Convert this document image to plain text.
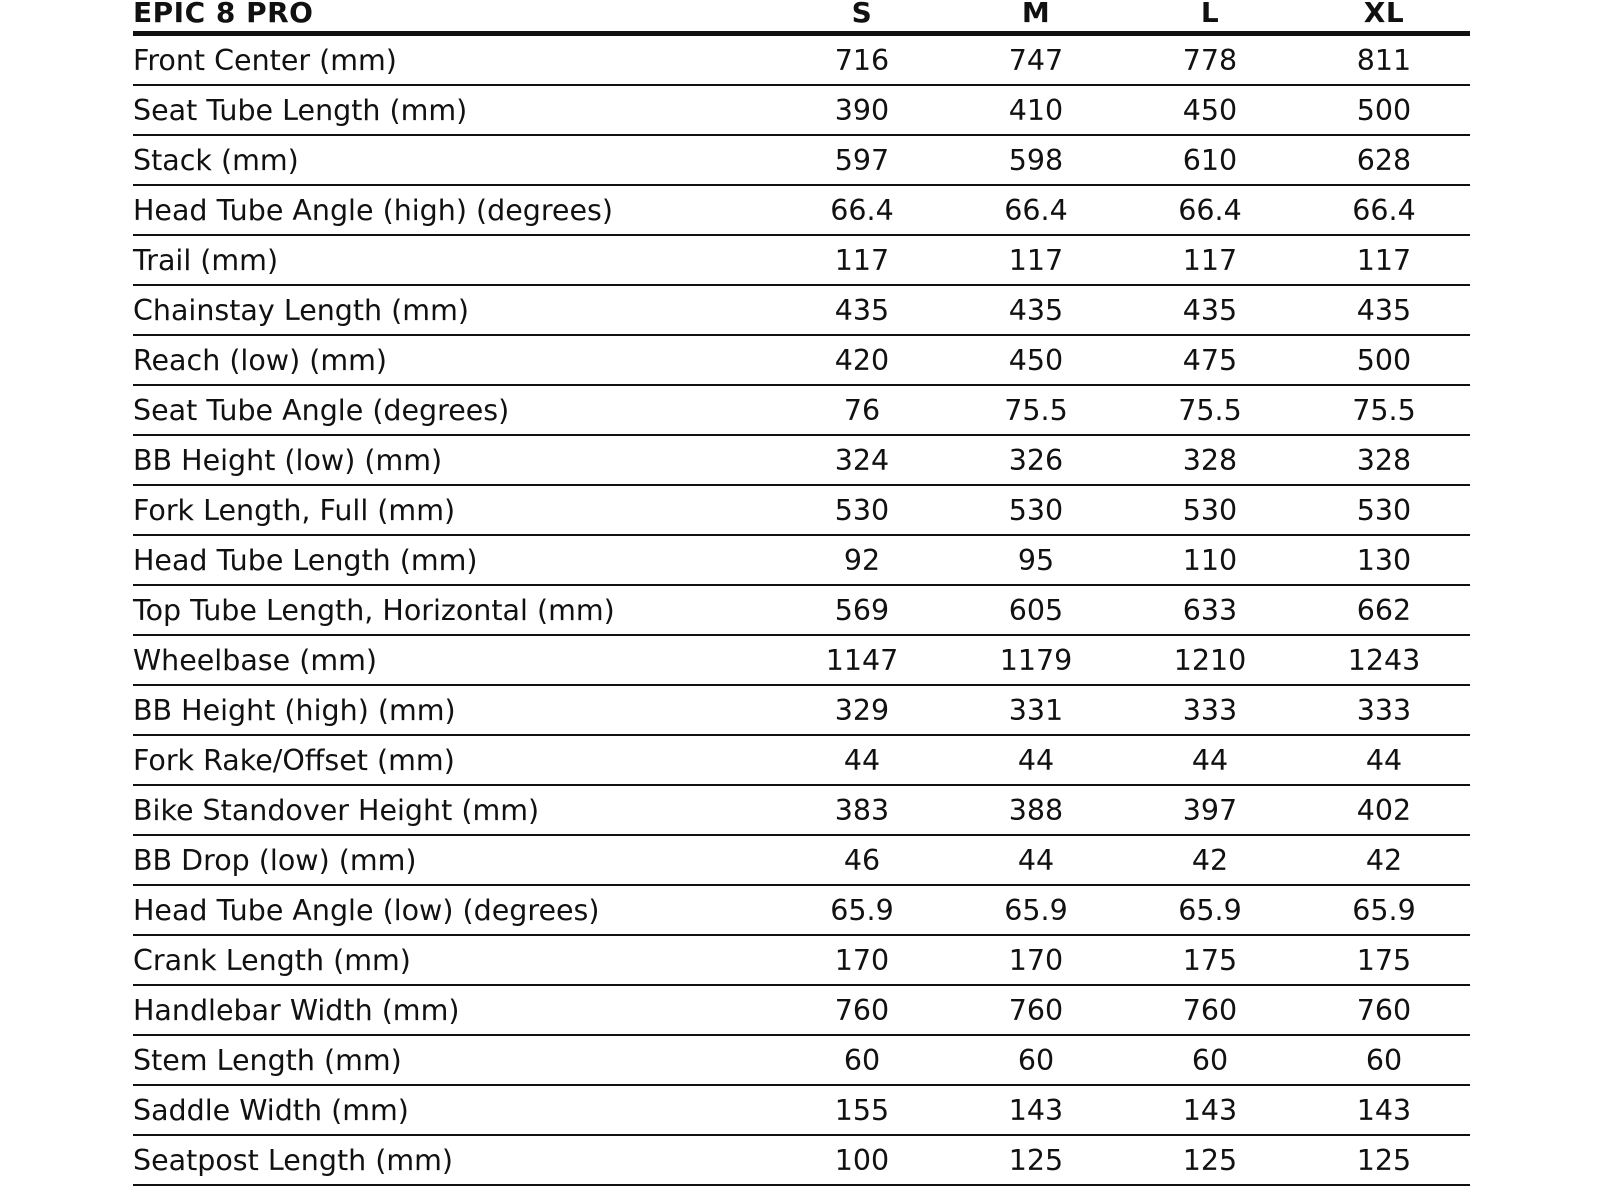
EPIC 8 PRO	S	M	L	XL
Front Center (mm)	716	747	778	811
Seat Tube Length (mm)	390	410	450	500
Stack (mm)	597	598	610	628
Head Tube Angle (high) (degrees)	66.4	66.4	66.4	66.4
Trail (mm)	117	117	117	117
Chainstay Length (mm)	435	435	435	435
Reach (low) (mm)	420	450	475	500
Seat Tube Angle (degrees)	76	75.5	75.5	75.5
BB Height (low) (mm)	324	326	328	328
Fork Length, Full (mm)	530	530	530	530
Head Tube Length (mm)	92	95	110	130
Top Tube Length, Horizontal (mm)	569	605	633	662
Wheelbase (mm)	1147	1179	1210	1243
BB Height (high) (mm)	329	331	333	333
Fork Rake/Offset (mm)	44	44	44	44
Bike Standover Height (mm)	383	388	397	402
BB Drop (low) (mm)	46	44	42	42
Head Tube Angle (low) (degrees)	65.9	65.9	65.9	65.9
Crank Length (mm)	170	170	175	175
Handlebar Width (mm)	760	760	760	760
Stem Length (mm)	60	60	60	60
Saddle Width (mm)	155	143	143	143
Seatpost Length (mm)	100	125	125	125
